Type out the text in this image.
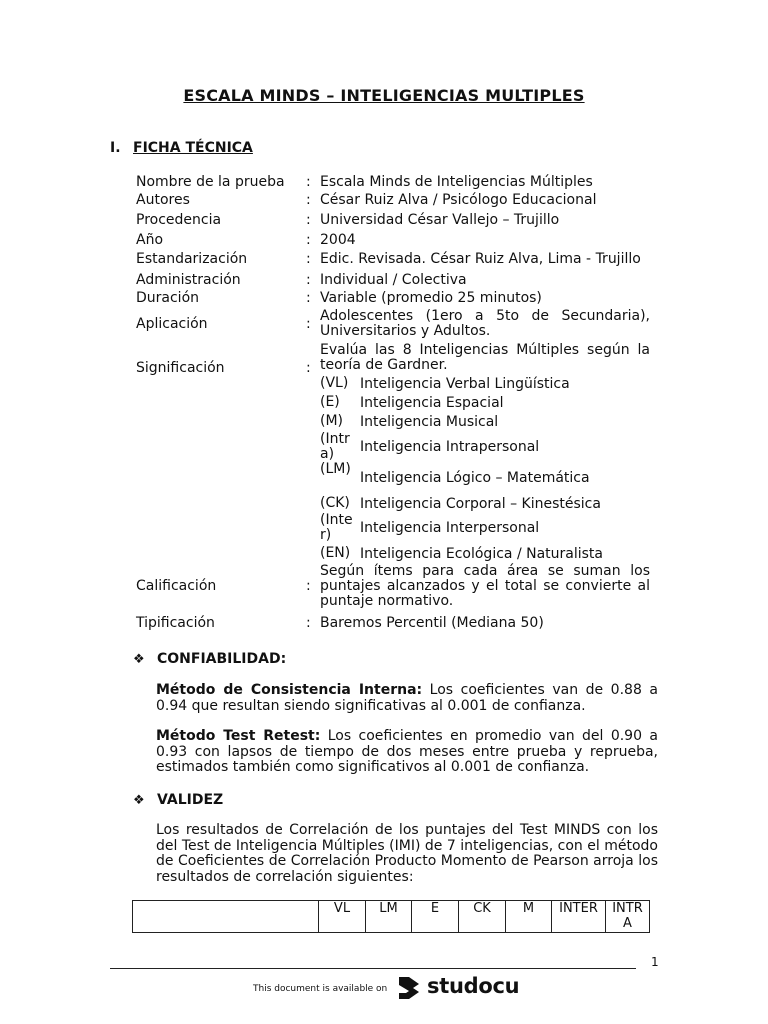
ESCALA MINDS – INTELIGENCIAS MULTIPLES
I. FICHA TÉCNICA
Nombre de la prueba : Escala Minds de Inteligencias Múltiples
Autores	: César Ruiz Alva / Psicólogo Educacional
Procedencia	: Universidad César Vallejo – Trujillo
Año	: 2004
Estandarización	: Edic. Revisada. César Ruiz Alva, Lima - Trujillo
Administración	: Individual / Colectiva
Duración	: Variable (promedio 25 minutos)
Aplicación	: Adolescentes (1ero a 5to de Secundaria), Universitarios y Adultos.
Significación	:
Evalúa las 8 Inteligencias Múltiples según la teoría de Gardner.
(VL) Inteligencia Verbal Lingüística
(E)	Inteligencia Espacial
(M)	Inteligencia Musical
(Intra)	Inteligencia Intrapersonal
(LM)
Inteligencia Lógico – Matemática
(CK) Inteligencia Corporal – Kinestésica
(Inter)	Inteligencia Interpersonal
(EN) Inteligencia Ecológica / Naturalista
Calificación	:
Según ítems para cada área se suman los puntajes alcanzados y el total se convierte al puntaje normativo.
Tipificación	: Baremos Percentil (Mediana 50)
❖ CONFIABILIDAD:
Método de Consistencia Interna: Los coeficientes van de 0.88 a 0.94 que resultan siendo significativas al 0.001 de confianza.
Método Test Retest: Los coeficientes en promedio van del 0.90 a 0.93 con lapsos de tiempo de dos meses entre prueba y reprueba, estimados también como significativos al 0.001 de confianza.
❖ VALIDEZ
Los resultados de Correlación de los puntajes del Test MINDS con los del Test de Inteligencia Múltiples (IMI) de 7 inteligencias, con el método de Coeficientes de Correlación Producto Momento de Pearson arroja los resultados de correlación siguientes:
	VL	LM	E	CK	M	INTER	INTRA
1
This document is available on studocu
